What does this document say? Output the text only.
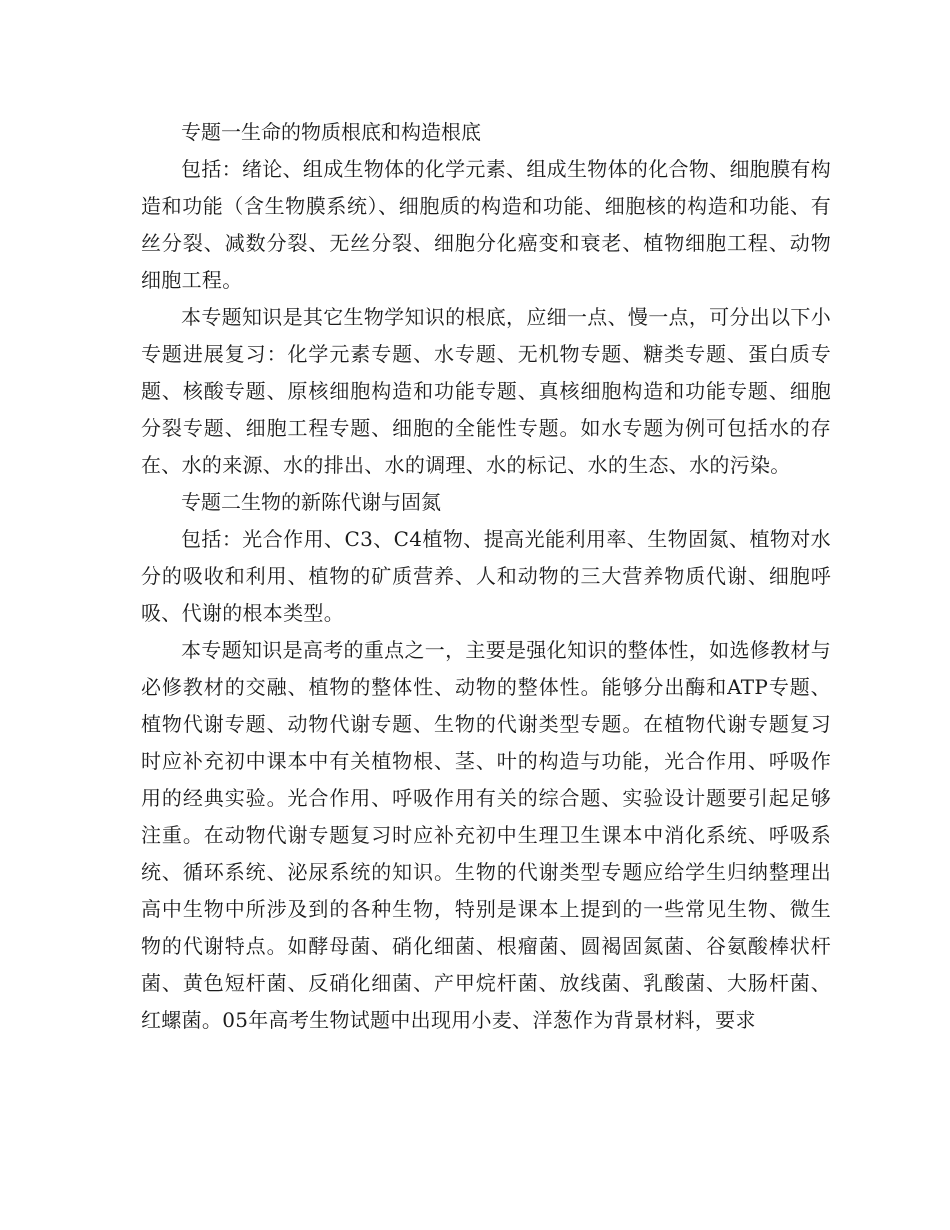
专题一生命的物质根底和构造根底

包括：绪论、组成生物体的化学元素、组成生物体的化合物、细胞膜有构造和功能（含生物膜系统）、细胞质的构造和功能、细胞核的构造和功能、有丝分裂、减数分裂、无丝分裂、细胞分化癌变和衰老、植物细胞工程、动物细胞工程。

本专题知识是其它生物学知识的根底，应细一点、慢一点，可分出以下小专题进展复习：化学元素专题、水专题、无机物专题、糖类专题、蛋白质专题、核酸专题、原核细胞构造和功能专题、真核细胞构造和功能专题、细胞分裂专题、细胞工程专题、细胞的全能性专题。如水专题为例可包括水的存在、水的来源、水的排出、水的调理、水的标记、水的生态、水的污染。

专题二生物的新陈代谢与固氮

包括：光合作用、C3、C4植物、提高光能利用率、生物固氮、植物对水分的吸收和利用、植物的矿质营养、人和动物的三大营养物质代谢、细胞呼吸、代谢的根本类型。

本专题知识是高考的重点之一，主要是强化知识的整体性，如选修教材与必修教材的交融、植物的整体性、动物的整体性。能够分出酶和ATP专题、植物代谢专题、动物代谢专题、生物的代谢类型专题。在植物代谢专题复习时应补充初中课本中有关植物根、茎、叶的构造与功能，光合作用、呼吸作用的经典实验。光合作用、呼吸作用有关的综合题、实验设计题要引起足够注重。在动物代谢专题复习时应补充初中生理卫生课本中消化系统、呼吸系统、循环系统、泌尿系统的知识。生物的代谢类型专题应给学生归纳整理出高中生物中所涉及到的各种生物，特别是课本上提到的一些常见生物、微生物的代谢特点。如酵母菌、硝化细菌、根瘤菌、圆褐固氮菌、谷氨酸棒状杆菌、黄色短杆菌、反硝化细菌、产甲烷杆菌、放线菌、乳酸菌、大肠杆菌、红螺菌。05年高考生物试题中出现用小麦、洋葱作为背景材料，要求
